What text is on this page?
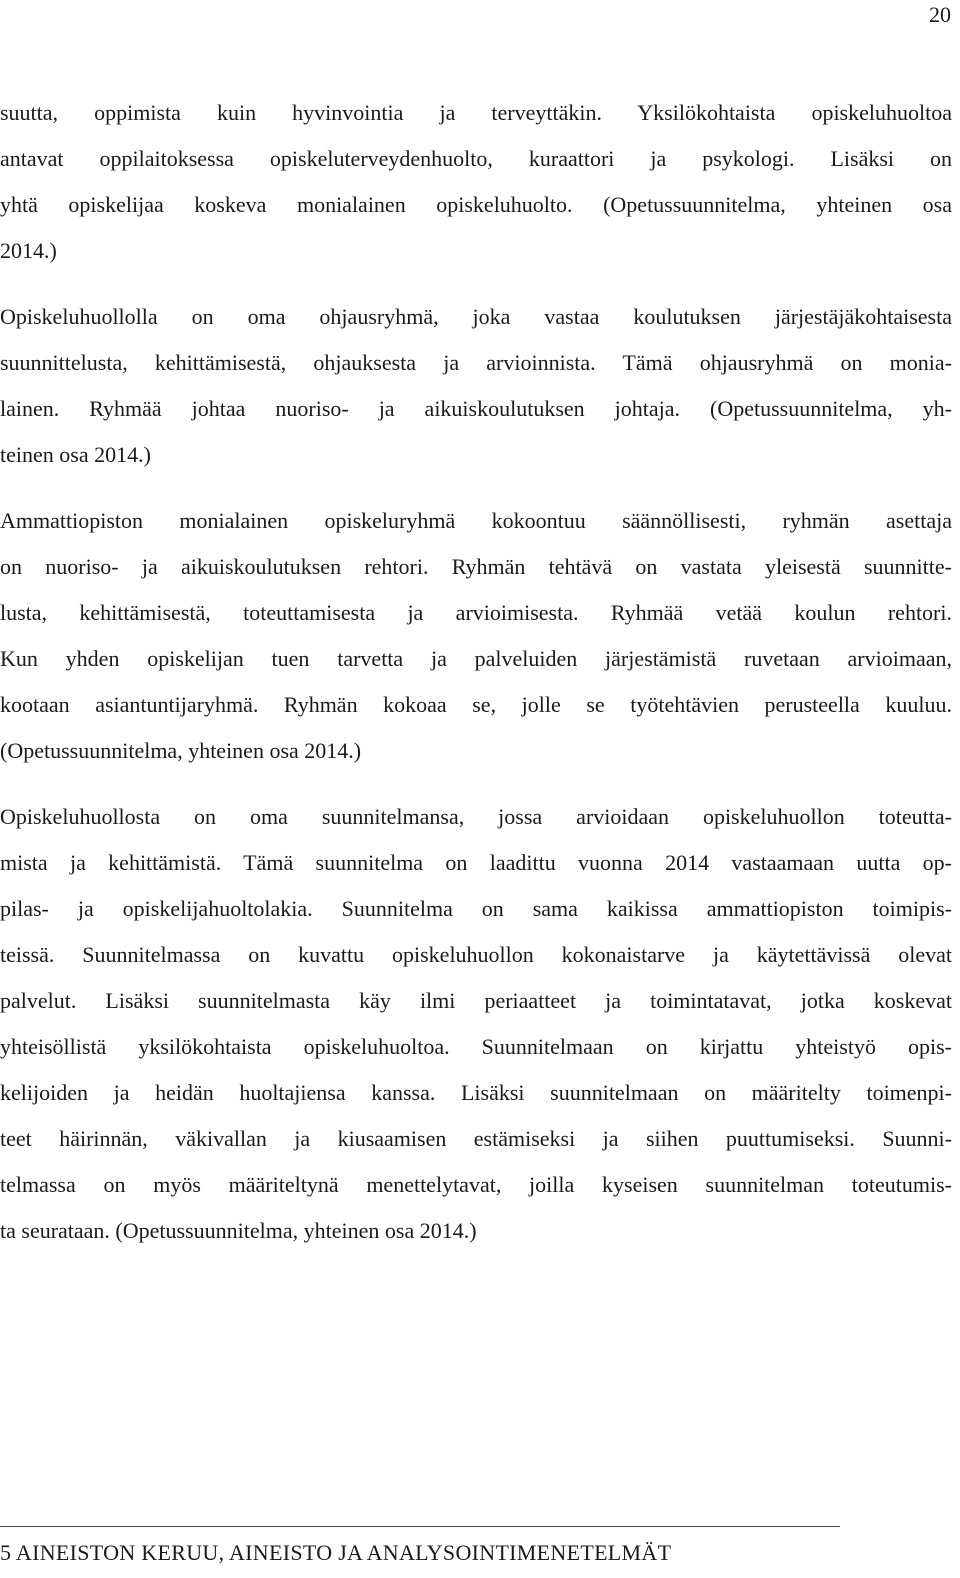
20
suutta, oppimista kuin hyvinvointia ja terveyttäkin. Yksilökohtaista opiskeluhuoltoa
antavat oppilaitoksessa opiskeluterveydenhuolto, kuraattori ja psykologi. Lisäksi on
yhtä opiskelijaa koskeva monialainen opiskeluhuolto. (Opetussuunnitelma, yhteinen osa
2014.)
Opiskeluhuollolla on oma ohjausryhmä, joka vastaa koulutuksen järjestäjäkohtaisesta
suunnittelusta, kehittämisestä, ohjauksesta ja arvioinnista. Tämä ohjausryhmä on monia-
lainen. Ryhmää johtaa nuoriso- ja aikuiskoulutuksen johtaja. (Opetussuunnitelma, yh-
teinen osa 2014.)
Ammattiopiston monialainen opiskeluryhmä kokoontuu säännöllisesti, ryhmän asettaja
on nuoriso- ja aikuiskoulutuksen rehtori. Ryhmän tehtävä on vastata yleisestä suunnitte-
lusta, kehittämisestä, toteuttamisesta ja arvioimisesta. Ryhmää vetää koulun rehtori.
Kun yhden opiskelijan tuen tarvetta ja palveluiden järjestämistä ruvetaan arvioimaan,
kootaan asiantuntijaryhmä. Ryhmän kokoaa se, jolle se työtehtävien perusteella kuuluu.
(Opetussuunnitelma, yhteinen osa 2014.)
Opiskeluhuollosta on oma suunnitelmansa, jossa arvioidaan opiskeluhuollon toteutta-
mista ja kehittämistä. Tämä suunnitelma on laadittu vuonna 2014 vastaamaan uutta op-
pilas- ja opiskelijahuoltolakia. Suunnitelma on sama kaikissa ammattiopiston toimipis-
teissä. Suunnitelmassa on kuvattu opiskeluhuollon kokonaistarve ja käytettävissä olevat
palvelut. Lisäksi suunnitelmasta käy ilmi periaatteet ja toimintatavat, jotka koskevat
yhteisöllistä yksilökohtaista opiskeluhuoltoa. Suunnitelmaan on kirjattu yhteistyö opis-
kelijoiden ja heidän huoltajiensa kanssa. Lisäksi suunnitelmaan on määritelty toimenpi-
teet häirinnän, väkivallan ja kiusaamisen estämiseksi ja siihen puuttumiseksi. Suunni-
telmassa on myös määriteltynä menettelytavat, joilla kyseisen suunnitelman toteutumis-
ta seurataan. (Opetussuunnitelma, yhteinen osa 2014.)
5 AINEISTON KERUU, AINEISTO JA ANALYSOINTIMENETELMÄT
